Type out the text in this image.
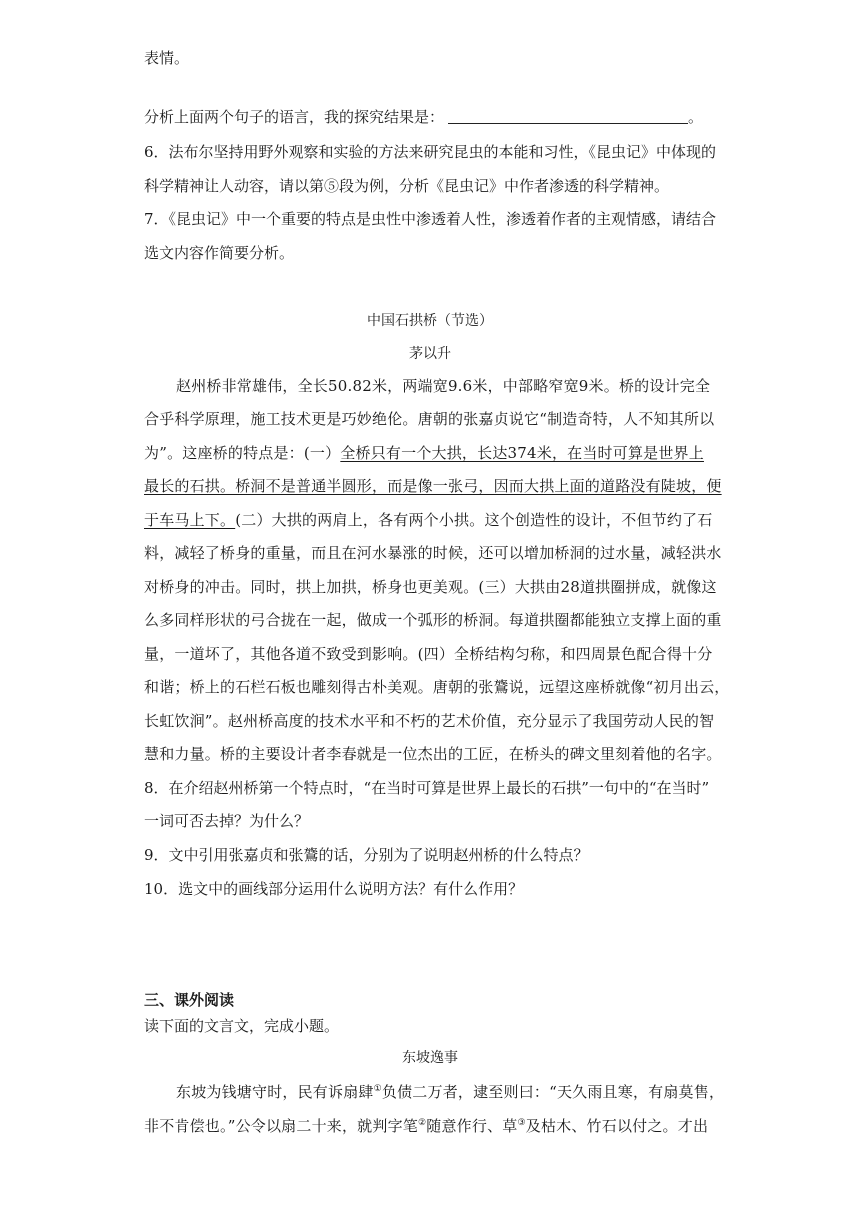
表情。
分析上面两个句子的语言，我的探究结果是：	。
6．法布尔坚持用野外观察和实验的方法来研究昆虫的本能和习性，《昆虫记》中体现的
科学精神让人动容，请以第⑤段为例，分析《昆虫记》中作者渗透的科学精神。
7．《昆虫记》中一个重要的特点是虫性中渗透着人性，渗透着作者的主观情感，请结合
选文内容作简要分析。
中国石拱桥（节选）
茅以升
赵州桥非常雄伟，全长50.82米，两端宽9.6米，中部略窄宽9米。桥的设计完全
合乎科学原理，施工技术更是巧妙绝伦。唐朝的张嘉贞说它“制造奇特，人不知其所以
为”。这座桥的特点是：(一）全桥只有一个大拱，长达374米，在当时可算是世界上
最长的石拱。桥洞不是普通半圆形，而是像一张弓，因而大拱上面的道路没有陡坡，便
于车马上下。(二）大拱的两肩上，各有两个小拱。这个创造性的设计，不但节约了石
料，减轻了桥身的重量，而且在河水暴涨的时候，还可以增加桥洞的过水量，减轻洪水
对桥身的冲击。同时，拱上加拱，桥身也更美观。(三）大拱由28道拱圈拼成，就像这
么多同样形状的弓合拢在一起，做成一个弧形的桥洞。每道拱圈都能独立支撑上面的重
量，一道坏了，其他各道不致受到影响。(四）全桥结构匀称，和四周景色配合得十分
和谐；桥上的石栏石板也雕刻得古朴美观。唐朝的张鷟说，远望这座桥就像“初月出云，
长虹饮涧”。赵州桥高度的技术水平和不朽的艺术价值，充分显示了我国劳动人民的智
慧和力量。桥的主要设计者李春就是一位杰出的工匠，在桥头的碑文里刻着他的名字。
8．在介绍赵州桥第一个特点时，“在当时可算是世界上最长的石拱”一句中的“在当时”
一词可否去掉？为什么？
9．文中引用张嘉贞和张鷟的话，分别为了说明赵州桥的什么特点？
10．选文中的画线部分运用什么说明方法？有什么作用？
三、课外阅读
读下面的文言文，完成小题。
东坡逸事
东坡为钱塘守时，民有诉扇肆①负债二万者，逮至则曰：“天久雨且寒，有扇莫售，
非不肯偿也。”公令以扇二十来，就判字笔②随意作行、草③及枯木、竹石以付之。才出
